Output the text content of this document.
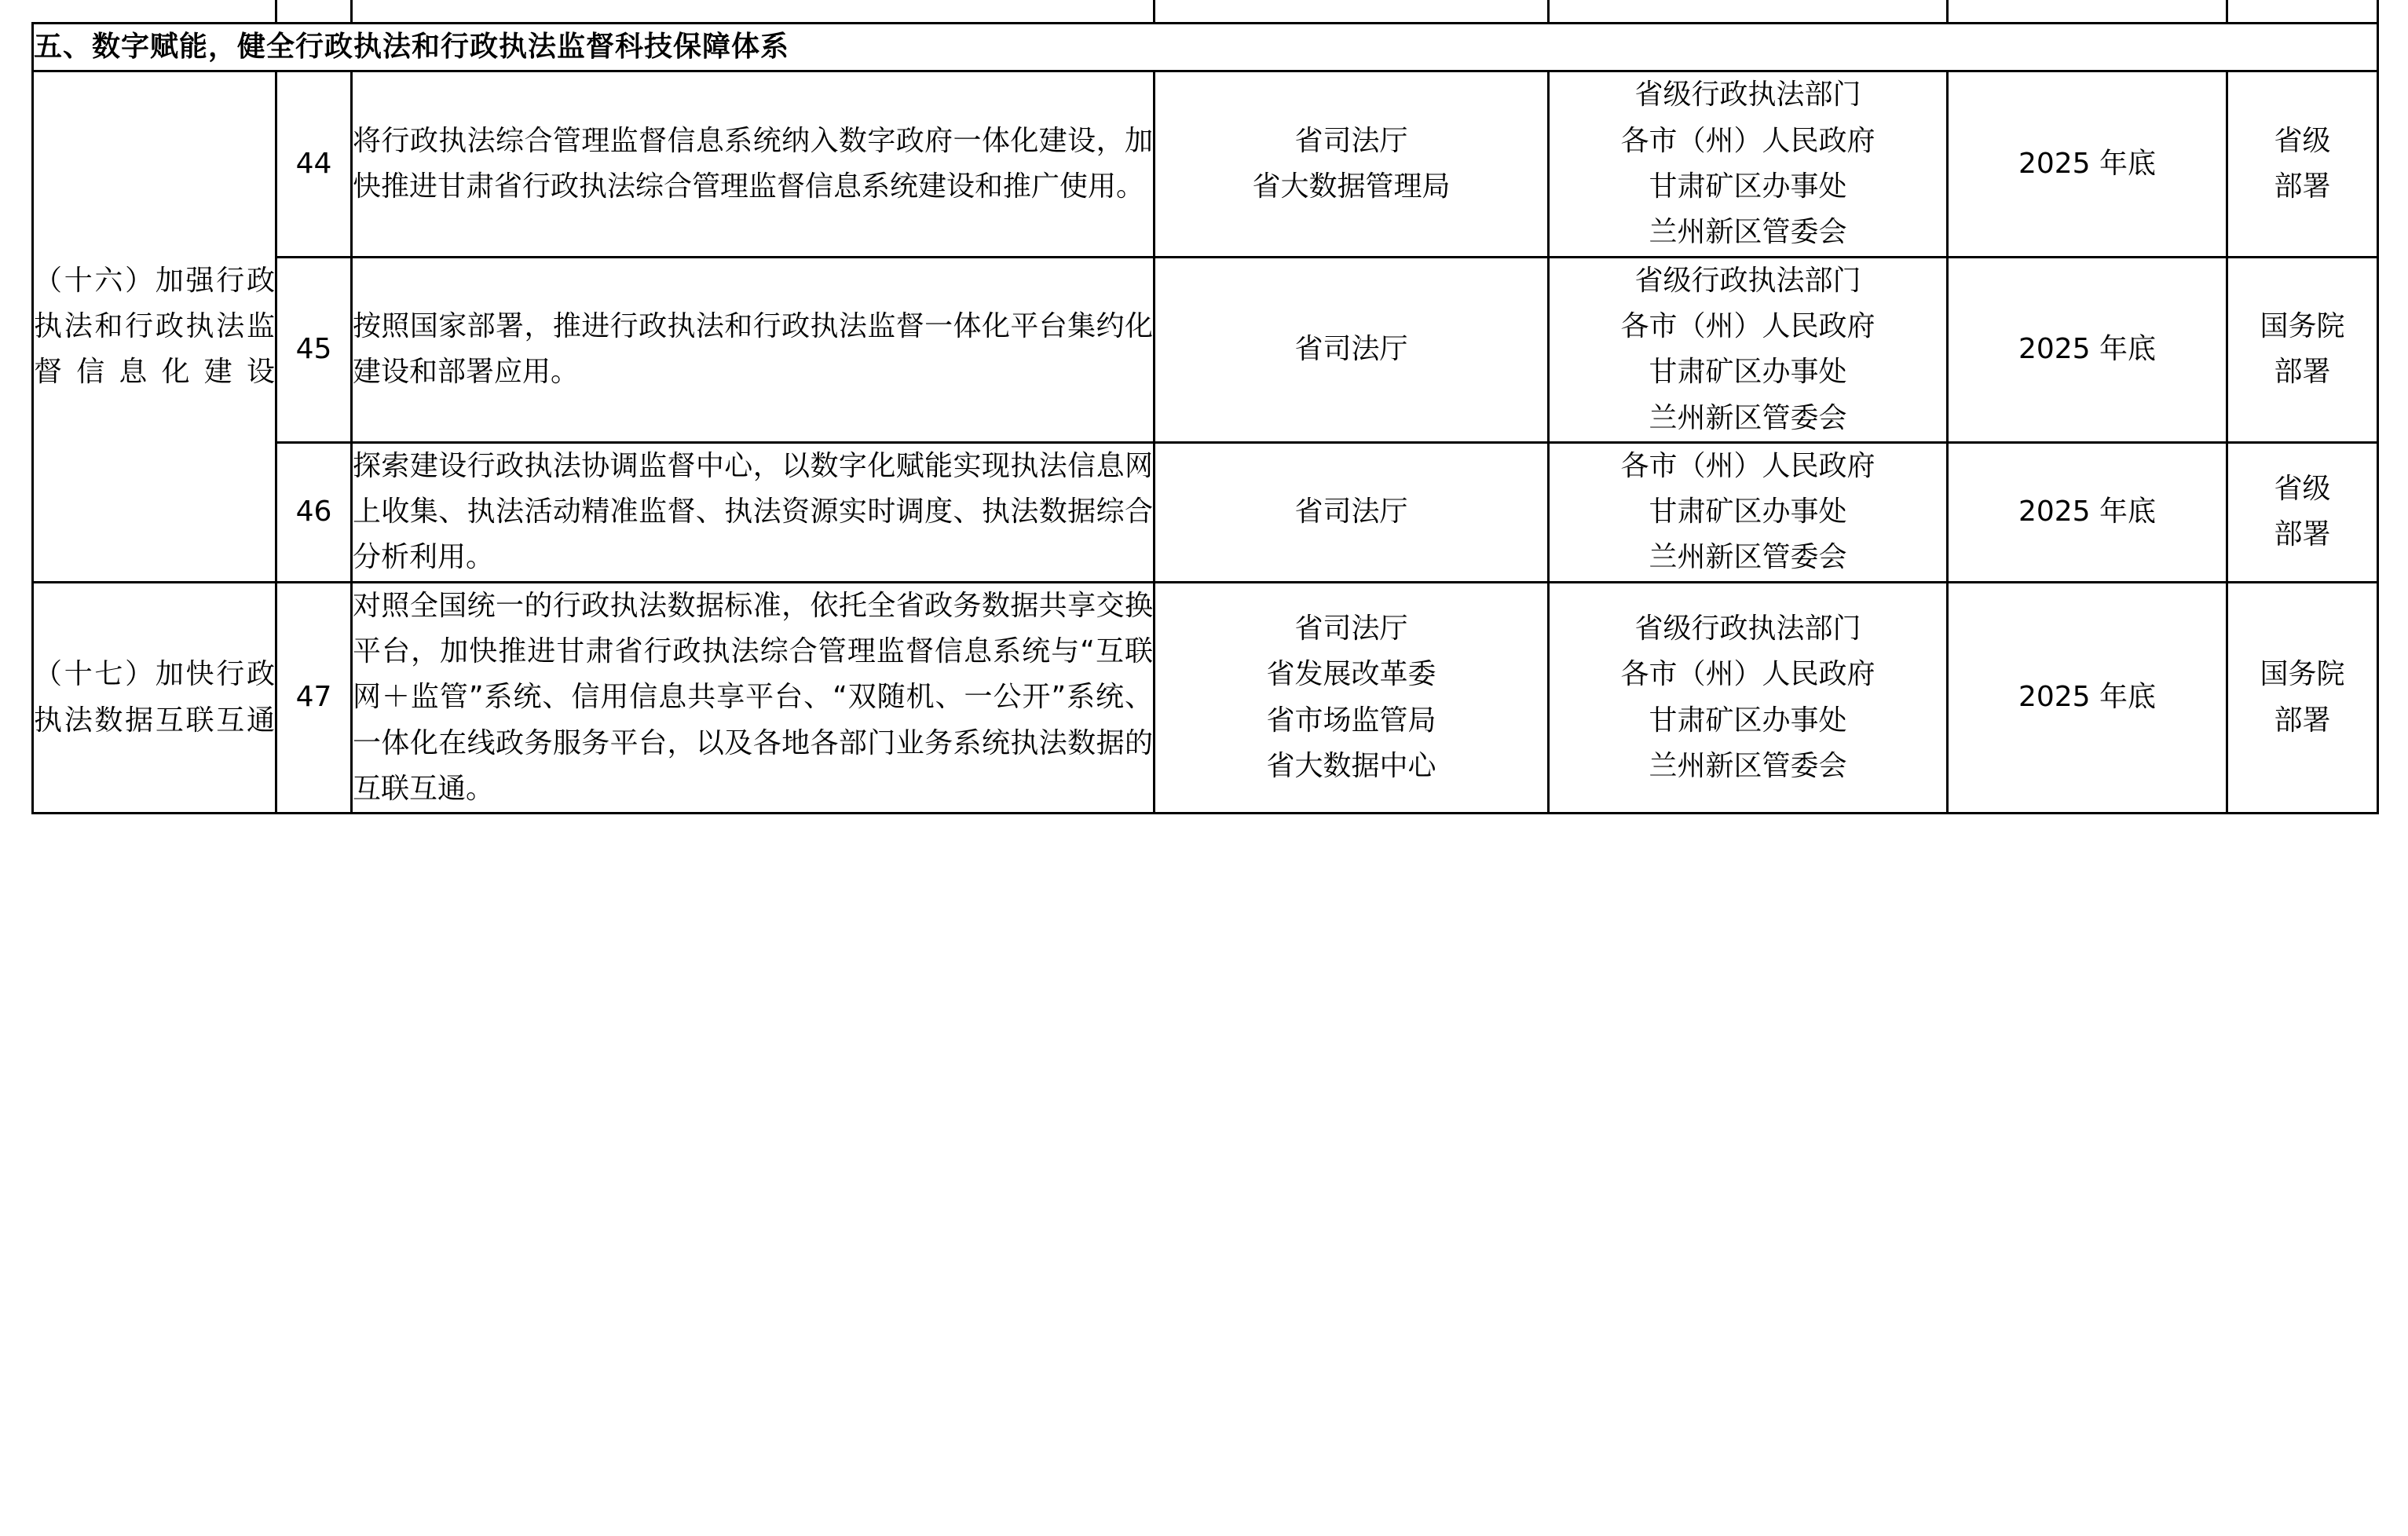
五、数字赋能，健全行政执法和行政执法监督科技保障体系						

（十六）加强行政执法和行政执法监督信息化建设	44	将行政执法综合管理监督信息系统纳入数字政府一体化建设，加快推进甘肃省行政执法综合管理监督信息系统建设和推广使用。	省司法厅
省大数据管理局	省级行政执法部门
各市（州）人民政府
甘肃矿区办事处
兰州新区管委会	2025 年底	省级
部署

	45	按照国家部署，推进行政执法和行政执法监督一体化平台集约化建设和部署应用。	省司法厅	省级行政执法部门
各市（州）人民政府
甘肃矿区办事处
兰州新区管委会	2025 年底	国务院
部署

	46	探索建设行政执法协调监督中心，以数字化赋能实现执法信息网上收集、执法活动精准监督、执法资源实时调度、执法数据综合分析利用。	省司法厅	各市（州）人民政府
甘肃矿区办事处
兰州新区管委会	2025 年底	省级
部署

（十七）加快行政执法数据互联互通	47	对照全国统一的行政执法数据标准，依托全省政务数据共享交换平台，加快推进甘肃省行政执法综合管理监督信息系统与“互联网＋监管”系统、信用信息共享平台、“双随机、一公开”系统、一体化在线政务服务平台，以及各地各部门业务系统执法数据的互联互通。	省司法厅
省发展改革委
省市场监管局
省大数据中心	省级行政执法部门
各市（州）人民政府
甘肃矿区办事处
兰州新区管委会	2025 年底	国务院
部署
